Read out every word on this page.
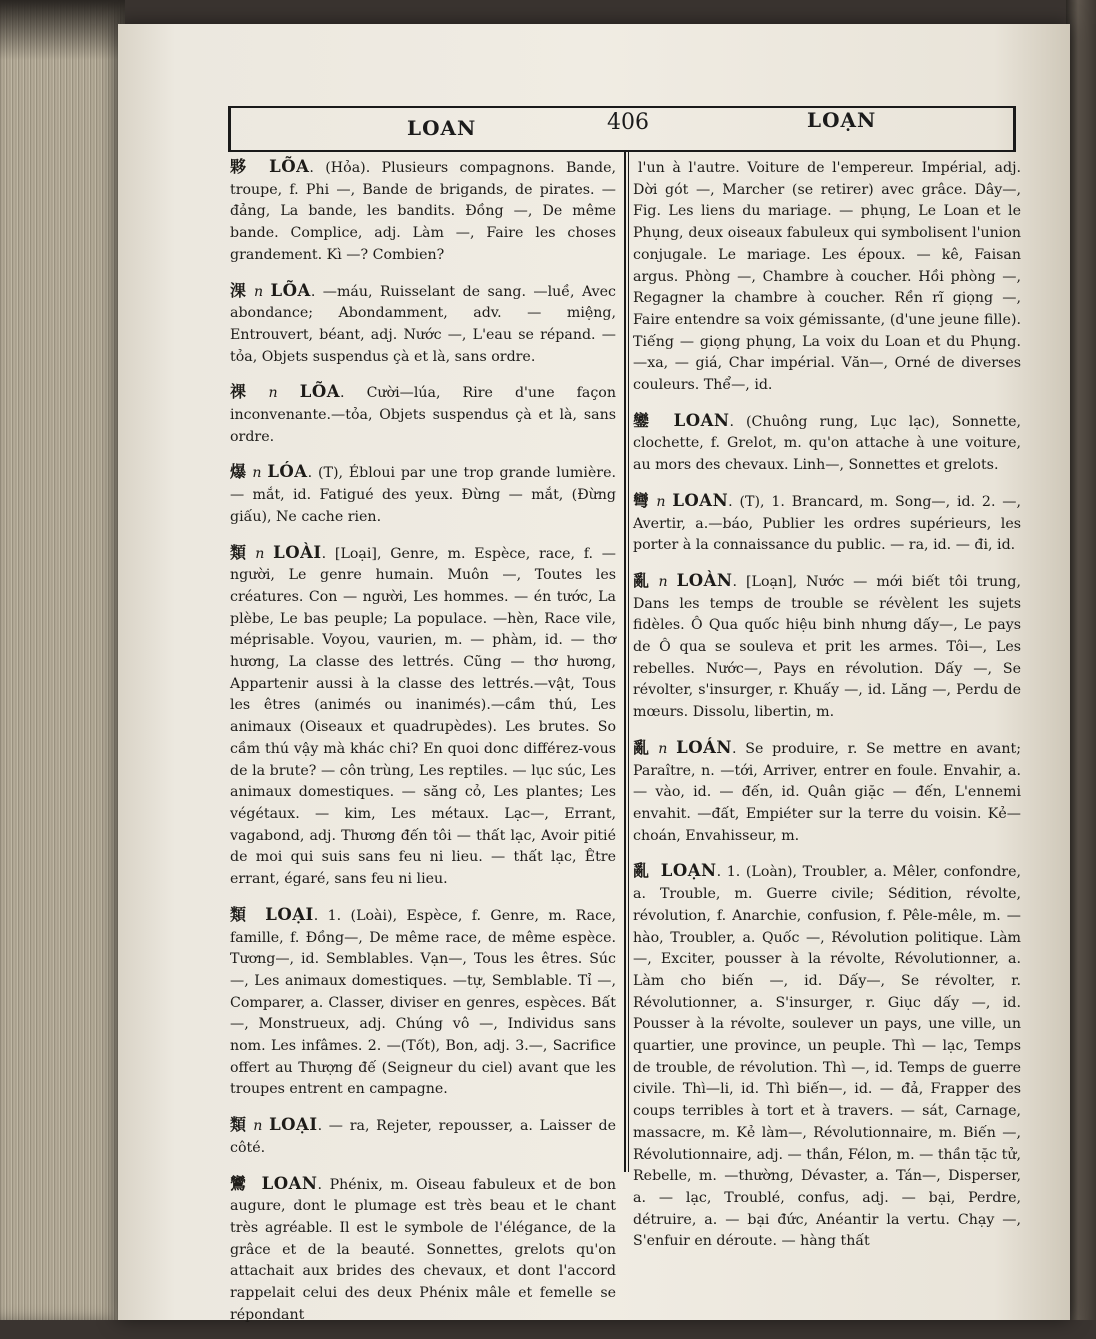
LOAN	406	LOẠN

夥 LÕA. (Hỏa). Plusieurs compagnons. Bande, troupe, f. Phi —, Bande de brigands, de pirates. — đảng, La bande, les bandits. Đồng —, De même bande. Complice, adj. Làm —, Faire les choses grandement. Kì —? Combien?

淉 n LÕA. —máu, Ruisselant de sang. —luề, Avec abondance; Abondamment, adv. — miệng, Entrouvert, béant, adj. Nước —, L'eau se répand. — tỏa, Objets suspendus çà et là, sans ordre.

祼 n LÕA. Cười—lúa, Rire d'une façon inconvenante.—tỏa, Objets suspendus çà et là, sans ordre.

爆 n LÓA. (T), Ébloui par une trop grande lumière. — mắt, id. Fatigué des yeux. Đừng — mắt, (Đừng giấu), Ne cache rien.

類 n LOÀI. [Loại], Genre, m. Espèce, race, f. — người, Le genre humain. Muôn —, Toutes les créatures. Con — người, Les hommes. — én tước, La plèbe, Le bas peuple; La populace. —hèn, Race vile, méprisable. Voyou, vaurien, m. — phàm, id. — thơ hương, La classe des lettrés. Cũng — thơ hương, Appartenir aussi à la classe des lettrés.—vật, Tous les êtres (animés ou inanimés).—cầm thú, Les animaux (Oiseaux et quadrupèdes). Les brutes. So cầm thú vậy mà khác chi? En quoi donc différez-vous de la brute? — côn trùng, Les reptiles. — lục súc, Les animaux domestiques. — săng cỏ, Les plantes; Les végétaux. — kim, Les métaux. Lạc—, Errant, vagabond, adj. Thương đến tôi — thất lạc, Avoir pitié de moi qui suis sans feu ni lieu. — thất lạc, Être errant, égaré, sans feu ni lieu.

類 LOẠI. 1. (Loài), Espèce, f. Genre, m. Race, famille, f. Đồng—, De même race, de même espèce. Tương—, id. Semblables. Vạn—, Tous les êtres. Súc —, Les animaux domestiques. —tự, Semblable. Tỉ —, Comparer, a. Classer, diviser en genres, espèces. Bất —, Monstrueux, adj. Chúng vô —, Individus sans nom. Les infâmes. 2. —(Tốt), Bon, adj. 3.—, Sacrifice offert au Thượng đế (Seigneur du ciel) avant que les troupes entrent en campagne.

類 n LOẠI. — ra, Rejeter, repousser, a. Laisser de côté.

鸞 LOAN. Phénix, m. Oiseau fabuleux et de bon augure, dont le plumage est très beau et le chant très agréable. Il est le symbole de l'élégance, de la grâce et de la beauté. Sonnettes, grelots qu'on attachait aux brides des chevaux, et dont l'accord rappelait celui des deux Phénix mâle et femelle se répondant

l'un à l'autre. Voiture de l'empereur. Impérial, adj. Dời gót —, Marcher (se retirer) avec grâce. Dây—, Fig. Les liens du mariage. — phụng, Le Loan et le Phụng, deux oiseaux fabuleux qui symbolisent l'union conjugale. Le mariage. Les époux. — kê, Faisan argus. Phòng —, Chambre à coucher. Hồi phòng —, Regagner la chambre à coucher. Rền rĩ giọng —, Faire entendre sa voix gémissante, (d'une jeune fille). Tiếng — giọng phụng, La voix du Loan et du Phụng. —xa, — giá, Char impérial. Văn—, Orné de diverses couleurs. Thể—, id.

鑾 LOAN. (Chuông rung, Lục lạc), Sonnette, clochette, f. Grelot, m. qu'on attache à une voiture, au mors des chevaux. Linh—, Sonnettes et grelots.

彎 n LOAN. (T), 1. Brancard, m. Song—, id. 2. —, Avertir, a.—báo, Publier les ordres supérieurs, les porter à la connaissance du public. — ra, id. — đi, id.

亂 n LOÀN. [Loạn], Nước — mới biết tôi trung, Dans les temps de trouble se révèlent les sujets fidèles. Ô Qua quốc hiệu binh nhưng dấy—, Le pays de Ô qua se souleva et prit les armes. Tôi—, Les rebelles. Nước—, Pays en révolution. Dấy —, Se révolter, s'insurger, r. Khuấy —, id. Lăng —, Perdu de mœurs. Dissolu, libertin, m.

亂 n LOÁN. Se produire, r. Se mettre en avant; Paraître, n. —tới, Arriver, entrer en foule. Envahir, a. — vào, id. — đến, id. Quân giặc — đến, L'ennemi envahit. —đất, Empiéter sur la terre du voisin. Kẻ—choán, Envahisseur, m.

亂 LOẠN. 1. (Loàn), Troubler, a. Mêler, confondre, a. Trouble, m. Guerre civile; Sédition, révolte, révolution, f. Anarchie, confusion, f. Pêle-mêle, m. — hào, Troubler, a. Quốc —, Révolution politique. Làm —, Exciter, pousser à la révolte, Révolutionner, a. Làm cho biến —, id. Dấy—, Se révolter, r. Révolutionner, a. S'insurger, r. Giục dấy —, id. Pousser à la révolte, soulever un pays, une ville, un quartier, une province, un peuple. Thì — lạc, Temps de trouble, de révolution. Thì —, id. Temps de guerre civile. Thì—li, id. Thì biến—, id. — đả, Frapper des coups terribles à tort et à travers. — sát, Carnage, massacre, m. Kẻ làm—, Révolutionnaire, m. Biến —, Révolutionnaire, adj. — thần, Félon, m. — thần tặc tử, Rebelle, m. —thường, Dévaster, a. Tán—, Disperser, a. — lạc, Troublé, confus, adj. — bại, Perdre, détruire, a. — bại đức, Anéantir la vertu. Chạy —, S'enfuir en déroute. — hàng thất
